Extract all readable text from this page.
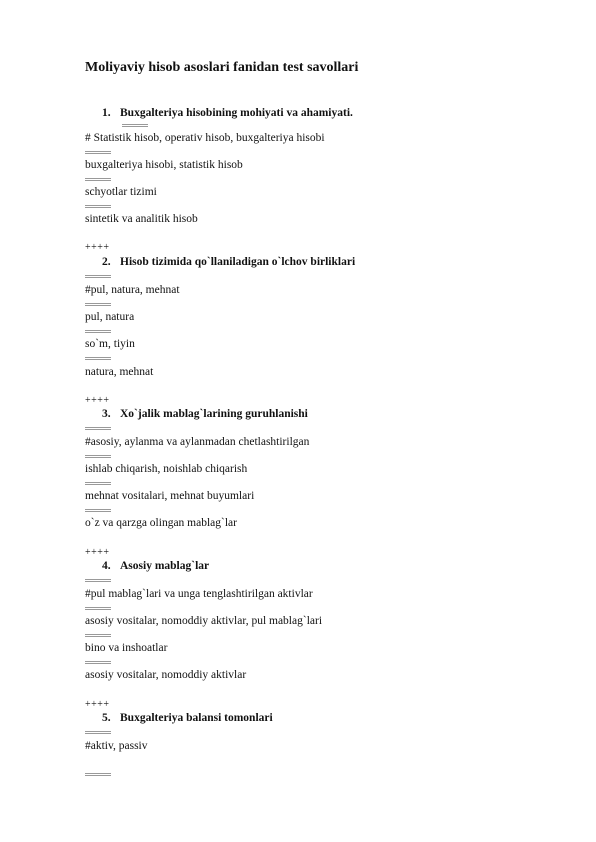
Moliyaviy hisob asoslari fanidan test savollari
1. Buxgalteriya hisobining mohiyati va ahamiyati.
# Statistik hisob, operativ hisob, buxgalteriya hisobi
buxgalteriya hisobi, statistik hisob
schyotlar tizimi
sintetik va analitik hisob
++++
2. Hisob tizimida qo`llaniladigan o`lchov birliklari
#pul, natura, mehnat
pul, natura
so`m, tiyin
natura, mehnat
++++
3. Xo`jalik mablag`larining guruhlanishi
#asosiy, aylanma va aylanmadan chetlashtirilgan
ishlab chiqarish, noishlab chiqarish
mehnat vositalari, mehnat buyumlari
o`z va qarzga olingan mablag`lar
++++
4. Asosiy mablag`lar
#pul mablag`lari va unga tenglashtirilgan aktivlar
asosiy vositalar, nomoddiy aktivlar, pul mablag`lari
bino va inshoatlar
asosiy vositalar, nomoddiy aktivlar
++++
5. Buxgalteriya balansi tomonlari
#aktiv, passiv
